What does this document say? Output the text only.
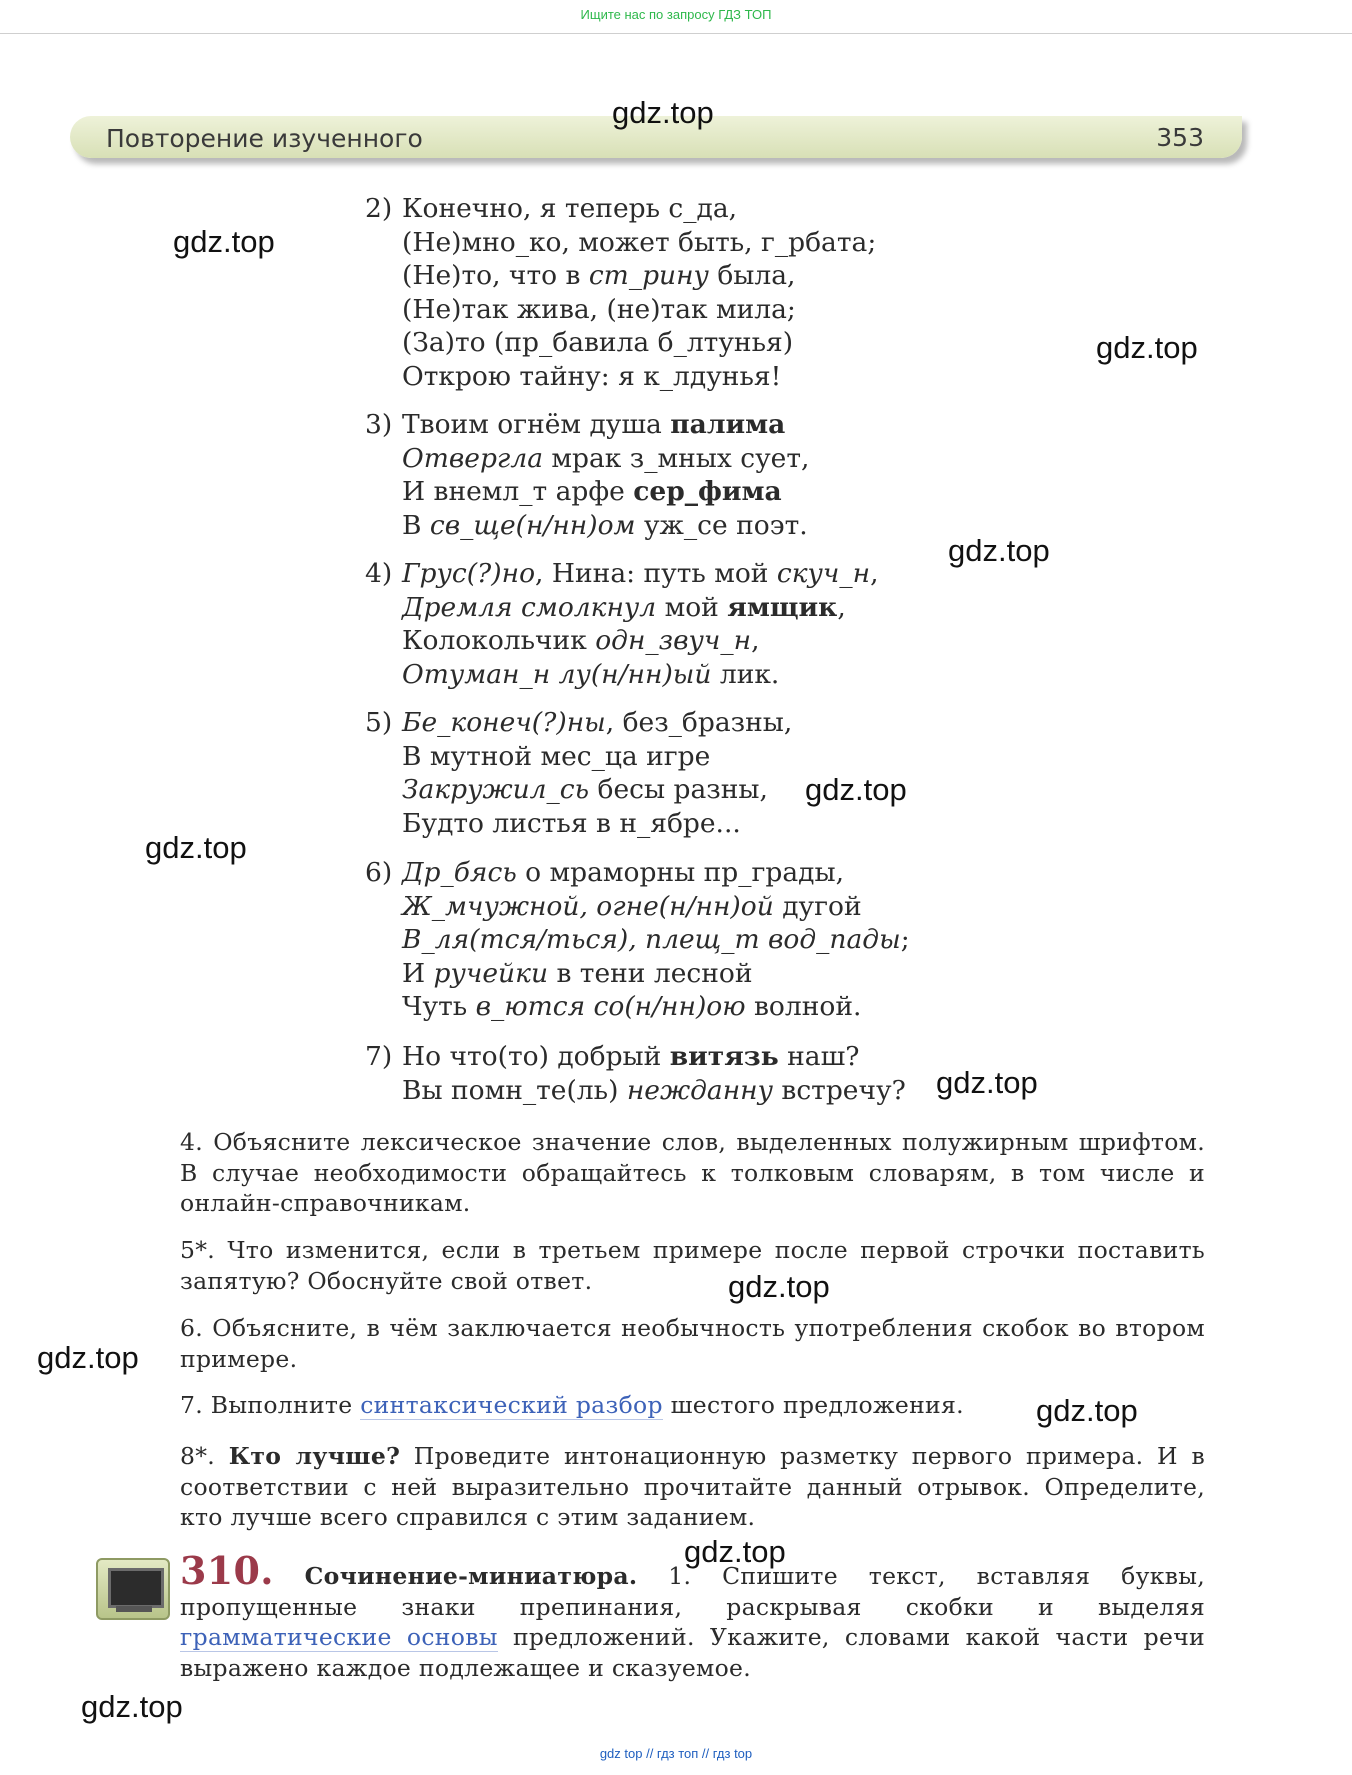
Ищите нас по запросу ГДЗ ТОП
Повторение изученного	353
2) Конечно, я теперь с_да,
(Не)мно_ко, может быть, г_рбата;
(Не)то, что в ст_рину была,
(Не)так жива, (не)так мила;
(За)то (пр_бавила б_лтунья)
Открою тайну: я к_лдунья!
3) Твоим огнём душа палима
Отвергла мрак з_мных сует,
И внемл_т арфе сер_фима
В св_ще(н/нн)ом уж_се поэт.
4) Грус(?)но, Нина: путь мой скуч_н,
Дремля смолкнул мой ямщик,
Колокольчик одн_звуч_н,
Отуман_н лу(н/нн)ый лик.
5) Бе_конеч(?)ны, без_бразны,
В мутной мес_ца игре
Закружил_сь бесы разны,
Будто листья в н_ябре...
6) Др_бясь о мраморны пр_грады,
Ж_мчужной, огне(н/нн)ой дугой
В_ля(тся/ться), плещ_т вод_пады;
И ручейки в тени лесной
Чуть в_ются со(н/нн)ою волной.
7) Но что(то) добрый витязь наш?
Вы помн_те(ль) нежданну встречу?
4. Объясните лексическое значение слов, выделенных полужирным шрифтом. В случае необходимости обращайтесь к толковым словарям, в том числе и онлайн-справочникам.
5*. Что изменится, если в третьем примере после первой строчки поставить запятую? Обоснуйте свой ответ.
6. Объясните, в чём заключается необычность употребления скобок во втором примере.
7. Выполните синтаксический разбор шестого предложения.
8*. Кто лучше? Проведите интонационную разметку первого примера. И в соответствии с ней выразительно прочитайте данный отрывок. Определите, кто лучше всего справился с этим заданием.
310. Сочинение-миниатюра. 1. Спишите текст, вставляя буквы, пропущенные знаки препинания, раскрывая скобки и выделяя грамматические основы предложений. Укажите, словами какой части речи выражено каждое подлежащее и сказуемое.
gdz.top
gdz.top
gdz.top
gdz.top
gdz.top
gdz.top
gdz.top
gdz.top
gdz.top
gdz.top
gdz.top
gdz.top
gdz top // гдз топ // гдз top
